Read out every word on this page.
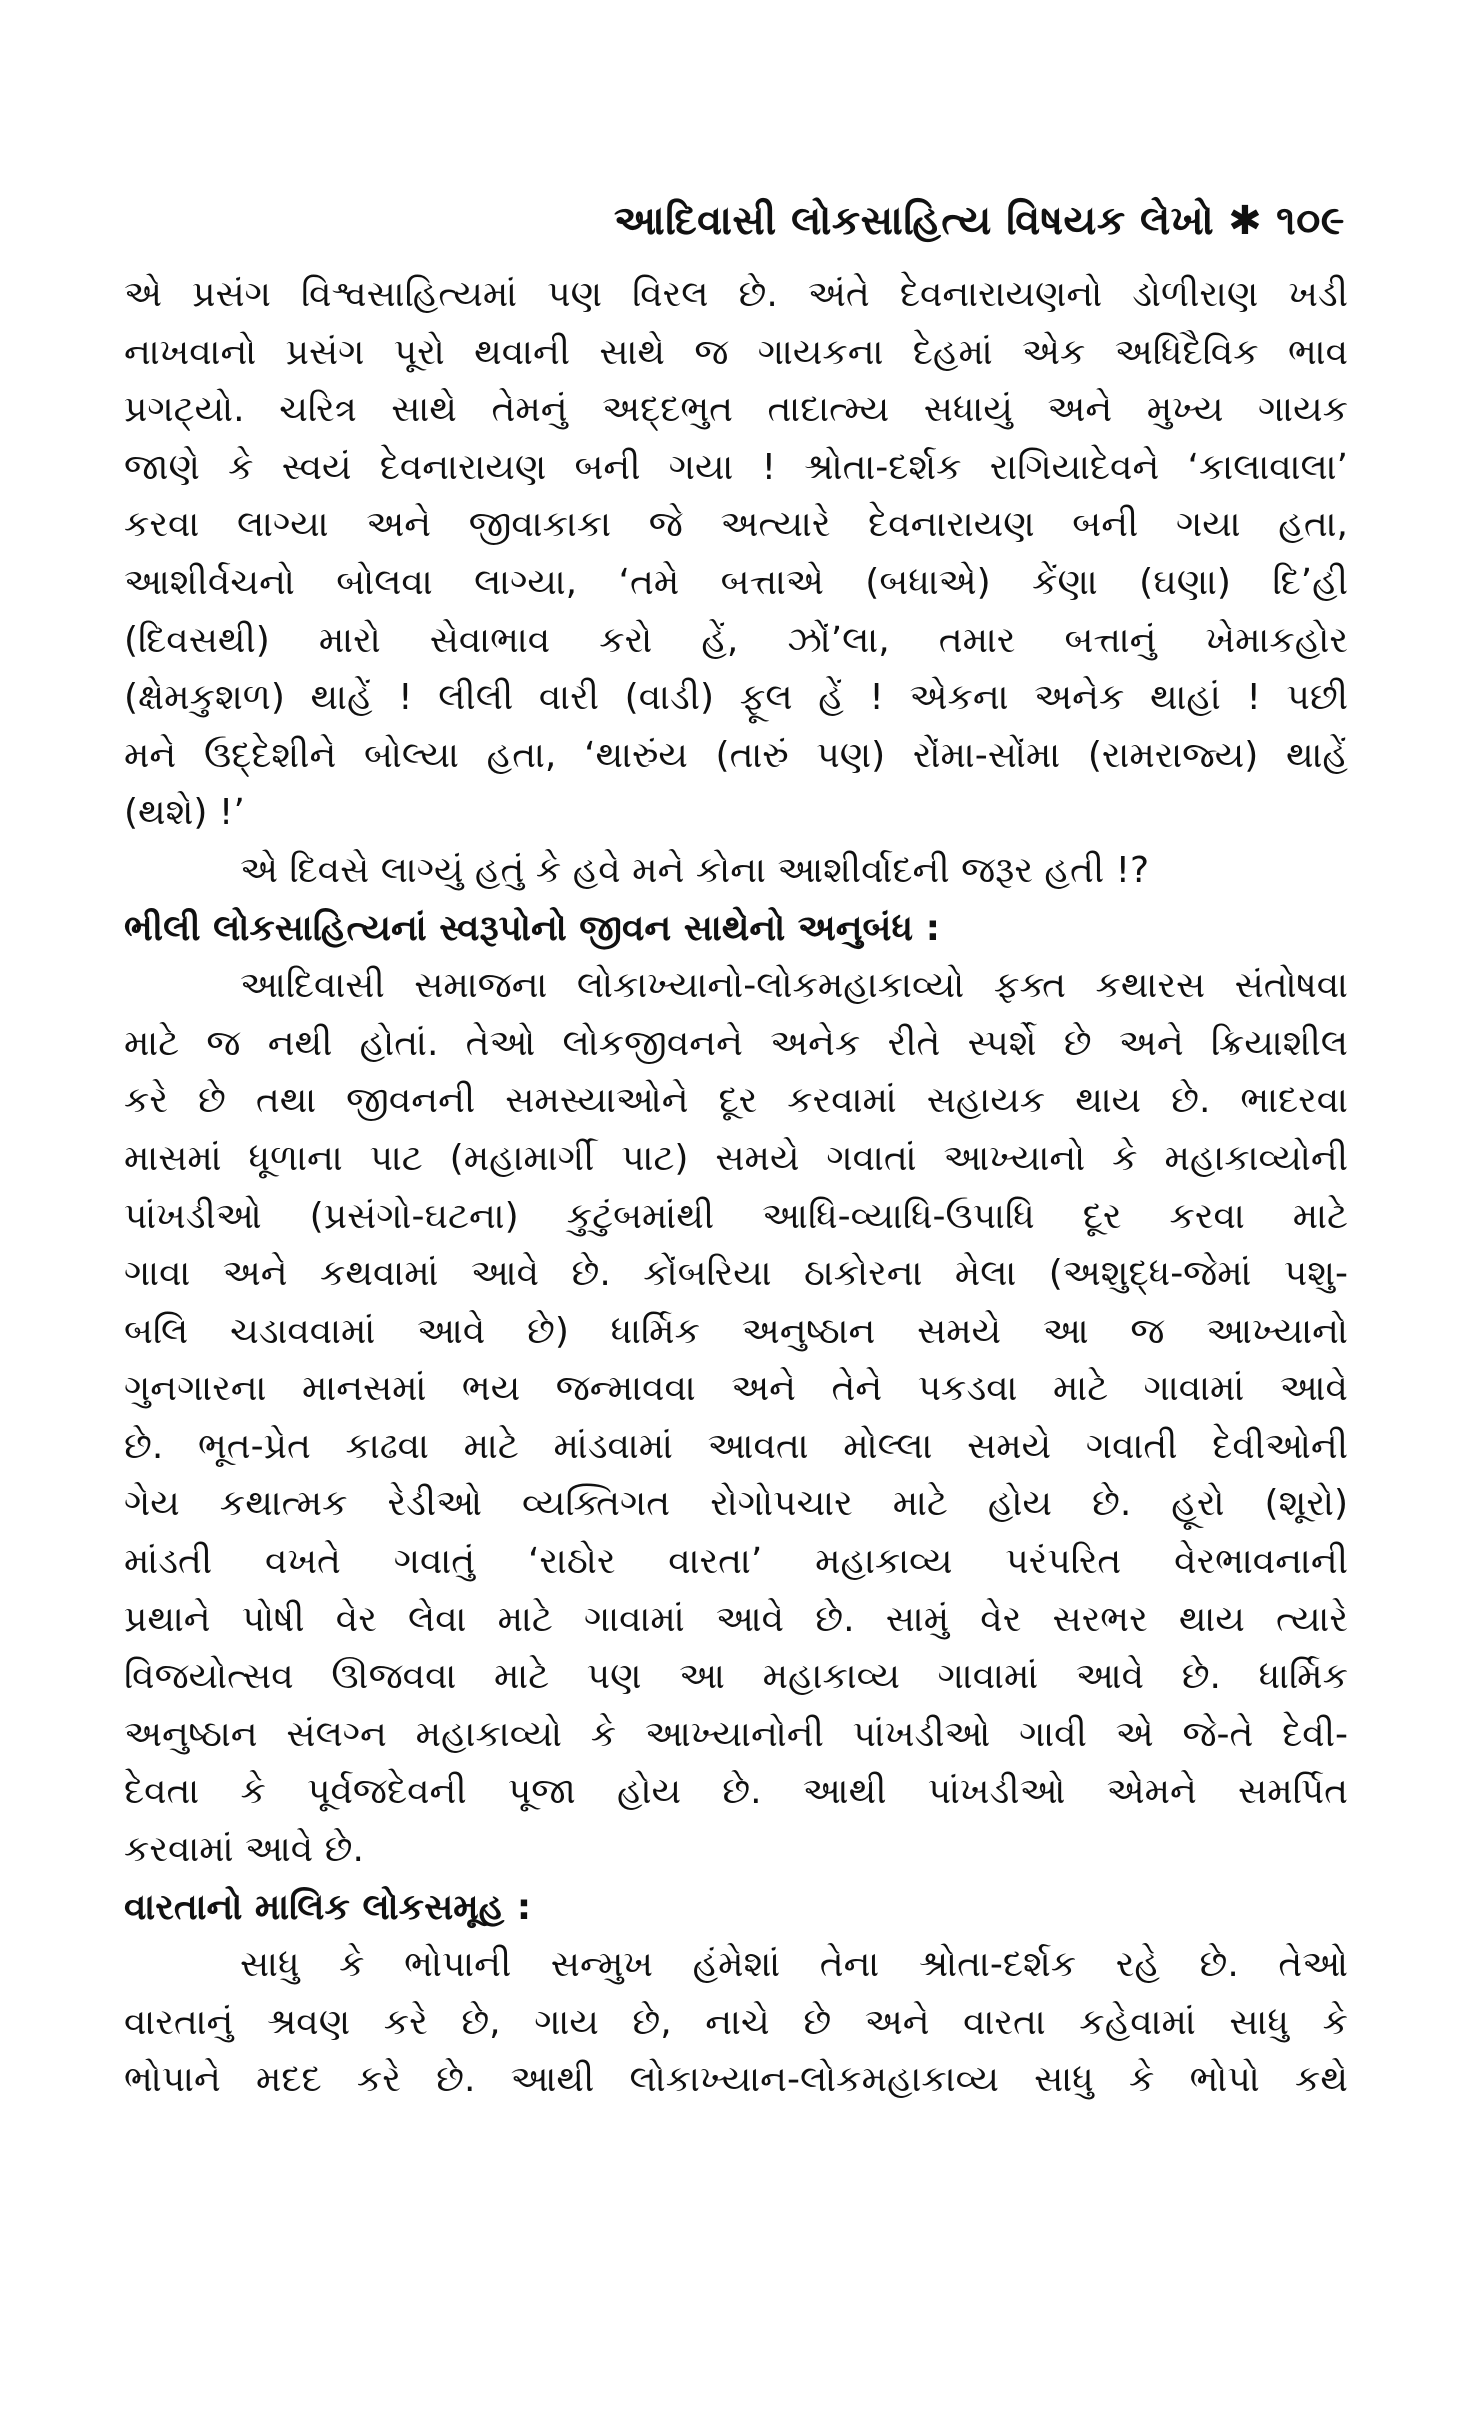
આદિવાસી લોકસાહિત્ય વિષયક લેખો ✱ ૧૦૯
એ પ્રસંગ વિશ્વસાહિત્યમાં પણ વિરલ છે. અંતે દેવનારાયણનો ડોળીરાણ ખડી
નાખવાનો પ્રસંગ પૂરો થવાની સાથે જ ગાયકના દેહમાં એક અધિદૈવિક ભાવ
પ્રગટ્યો. ચરિત્ર સાથે તેમનું અદ્દભુત તાદાત્મ્ય સધાયું અને મુખ્ય ગાયક
જાણે કે સ્વયં દેવનારાયણ બની ગયા ! શ્રોતા-દર્શક રાગિયાદેવને ‘કાલાવાલા’
કરવા લાગ્યા અને જીવાકાકા જે અત્યારે દેવનારાયણ બની ગયા હતા,
આશીર્વચનો બોલવા લાગ્યા, ‘તમે બત્તાએ (બધાએ) કેંણા (ઘણા) દિ’હી
(દિવસથી) મારો સેવાભાવ કરો હેં, ઝોં’લા, તમાર બત્તાનું ખેમાકહોર
(ક્ષેમકુશળ) થાહેં ! લીલી વારી (વાડી) ફૂલ હેં ! એકના અનેક થાહાં ! પછી
મને ઉદ્દેશીને બોલ્યા હતા, ‘થારુંય (તારું પણ) રોંમા-સોંમા (રામરાજ્ય) થાહેં
(થશે) !’
એ દિવસે લાગ્યું હતું કે હવે મને કોના આશીર્વાદની જરૂર હતી !?
ભીલી લોકસાહિત્યનાં સ્વરૂપોનો જીવન સાથેનો અનુબંધ :
આદિવાસી સમાજના લોકાખ્યાનો-લોકમહાકાવ્યો ફક્ત કથારસ સંતોષવા
માટે જ નથી હોતાં. તેઓ લોકજીવનને અનેક રીતે સ્પર્શે છે અને ક્રિયાશીલ
કરે છે તથા જીવનની સમસ્યાઓને દૂર કરવામાં સહાયક થાય છે. ભાદરવા
માસમાં ધૂળાના પાટ (મહામાર્ગી પાટ) સમયે ગવાતાં આખ્યાનો કે મહાકાવ્યોની
પાંખડીઓ (પ્રસંગો-ઘટના) કુટુંબમાંથી આધિ-વ્યાધિ-ઉપાધિ દૂર કરવા માટે
ગાવા અને કથવામાં આવે છે. કોંબરિયા ઠાકોરના મેલા (અશુદ્ધ-જેમાં પશુ-
બલિ ચડાવવામાં આવે છે) ધાર્મિક અનુષ્ઠાન સમયે આ જ આખ્યાનો
ગુનગારના માનસમાં ભય જન્માવવા અને તેને પકડવા માટે ગાવામાં આવે
છે. ભૂત-પ્રેત કાઢવા માટે માંડવામાં આવતા મોલ્લા સમયે ગવાતી દેવીઓની
ગેય કથાત્મક રેડીઓ વ્યક્તિગત રોગોપચાર માટે હોય છે. હૂરો (શૂરો)
માંડતી વખતે ગવાતું ‘રાઠોર વારતા’ મહાકાવ્ય પરંપરિત વેરભાવનાની
પ્રથાને પોષી વેર લેવા માટે ગાવામાં આવે છે. સામું વેર સરભર થાય ત્યારે
વિજયોત્સવ ઊજવવા માટે પણ આ મહાકાવ્ય ગાવામાં આવે છે. ધાર્મિક
અનુષ્ઠાન સંલગ્ન મહાકાવ્યો કે આખ્યાનોની પાંખડીઓ ગાવી એ જે-તે દેવી-
દેવતા કે પૂર્વજદેવની પૂજા હોય છે. આથી પાંખડીઓ એમને સમર્પિત
કરવામાં આવે છે.
વારતાનો માલિક લોકસમૂહ :
સાધુ કે ભોપાની સન્મુખ હંમેશાં તેના શ્રોતા-દર્શક રહે છે. તેઓ
વારતાનું શ્રવણ કરે છે, ગાય છે, નાચે છે અને વારતા કહેવામાં સાધુ કે
ભોપાને મદદ કરે છે. આથી લોકાખ્યાન-લોકમહાકાવ્ય સાધુ કે ભોપો કથે
